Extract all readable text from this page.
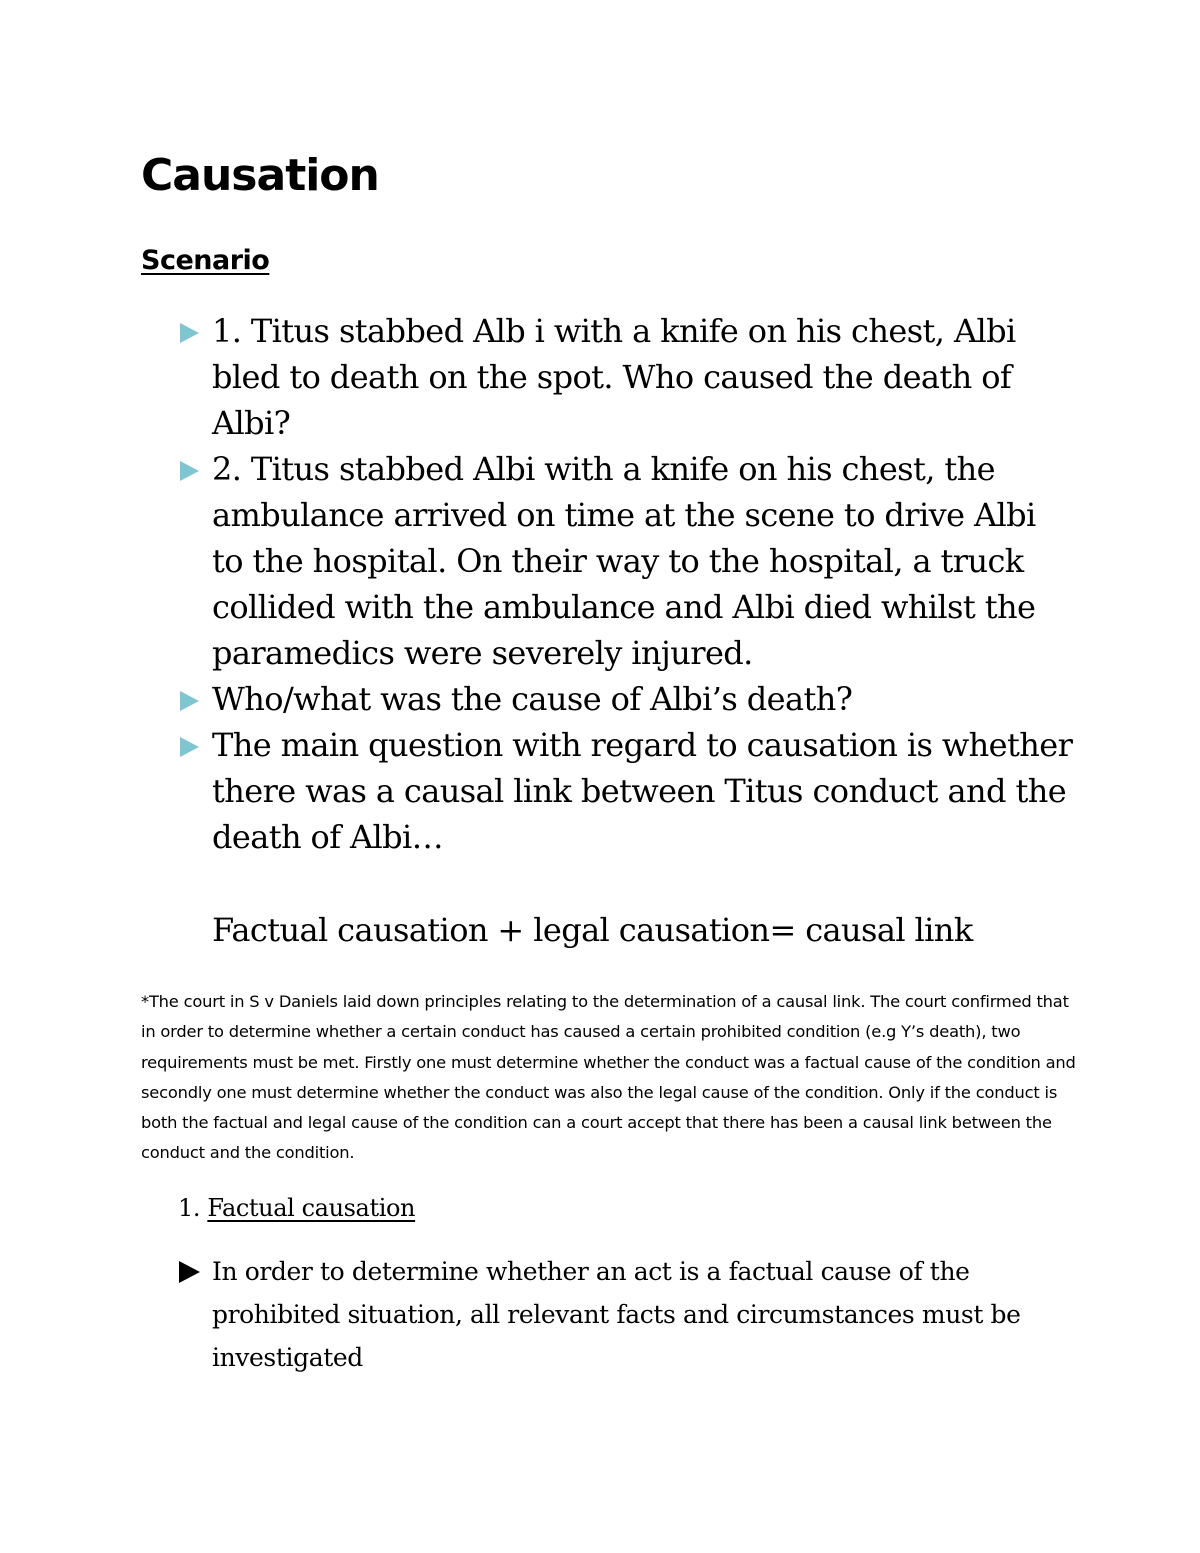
Causation
Scenario
1. Titus stabbed Alb i with a knife on his chest, Albi bled to death on the spot. Who caused the death of Albi?
2. Titus stabbed Albi with a knife on his chest, the ambulance arrived on time at the scene to drive Albi to the hospital. On their way to the hospital, a truck collided with the ambulance and Albi died whilst the paramedics were severely injured.
Who/what was the cause of Albi’s death?
The main question with regard to causation is whether there was a causal link between Titus conduct and the death of Albi…

Factual causation + legal causation= causal link

*The court in S v Daniels laid down principles relating to the determination of a causal link. The court confirmed that in order to determine whether a certain conduct has caused a certain prohibited condition (e.g Y’s death), two requirements must be met. Firstly one must determine whether the conduct was a factual cause of the condition and secondly one must determine whether the conduct was also the legal cause of the condition. Only if the conduct is both the factual and legal cause of the condition can a court accept that there has been a causal link between the conduct and the condition.

1. Factual causation

In order to determine whether an act is a factual cause of the prohibited situation, all relevant facts and circumstances must be investigated
